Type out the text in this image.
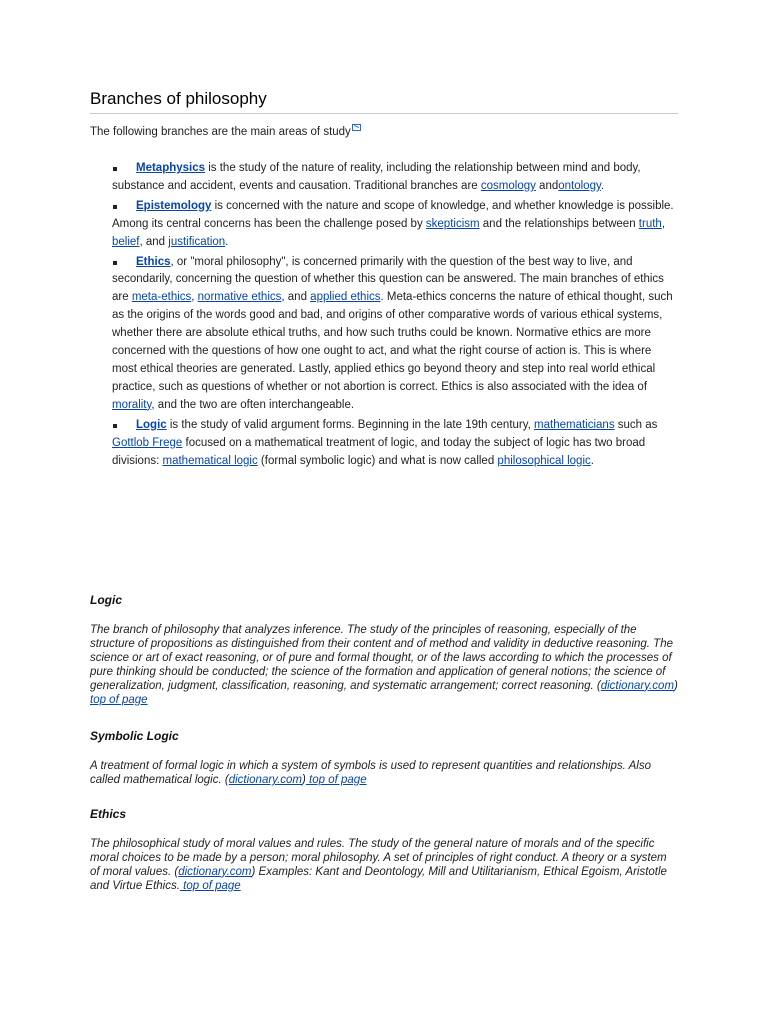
Branches of philosophy

The following branches are the main areas of study

Metaphysics is the study of the nature of reality, including the relationship between mind and body, substance and accident, events and causation. Traditional branches are cosmology andontology.
Epistemology is concerned with the nature and scope of knowledge, and whether knowledge is possible. Among its central concerns has been the challenge posed by skepticism and the relationships between truth, belief, and justification.
Ethics, or "moral philosophy", is concerned primarily with the question of the best way to live, and secondarily, concerning the question of whether this question can be answered. The main branches of ethics are meta-ethics, normative ethics, and applied ethics. Meta-ethics concerns the nature of ethical thought, such as the origins of the words good and bad, and origins of other comparative words of various ethical systems, whether there are absolute ethical truths, and how such truths could be known. Normative ethics are more concerned with the questions of how one ought to act, and what the right course of action is. This is where most ethical theories are generated. Lastly, applied ethics go beyond theory and step into real world ethical practice, such as questions of whether or not abortion is correct. Ethics is also associated with the idea of morality, and the two are often interchangeable.
Logic is the study of valid argument forms. Beginning in the late 19th century, mathematicians such as Gottlob Frege focused on a mathematical treatment of logic, and today the subject of logic has two broad divisions: mathematical logic (formal symbolic logic) and what is now called philosophical logic.

Logic

The branch of philosophy that analyzes inference. The study of the principles of reasoning, especially of the structure of propositions as distinguished from their content and of method and validity in deductive reasoning. The science or art of exact reasoning, or of pure and formal thought, or of the laws according to which the processes of pure thinking should be conducted; the science of the formation and application of general notions; the science of generalization, judgment, classification, reasoning, and systematic arrangement; correct reasoning. (dictionary.com) top of page

Symbolic Logic

A treatment of formal logic in which a system of symbols is used to represent quantities and relationships. Also called mathematical logic. (dictionary.com) top of page

Ethics

The philosophical study of moral values and rules. The study of the general nature of morals and of the specific moral choices to be made by a person; moral philosophy. A set of principles of right conduct. A theory or a system of moral values. (dictionary.com) Examples: Kant and Deontology, Mill and Utilitarianism, Ethical Egoism, Aristotle and Virtue Ethics. top of page
